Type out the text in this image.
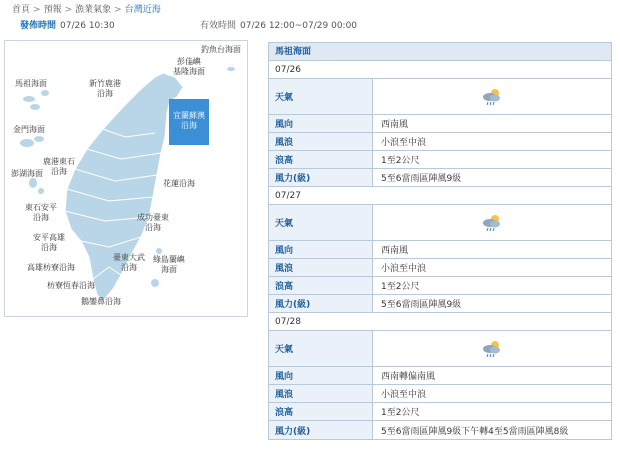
首頁 > 預報 > 漁業氣象 > 台灣近海
發佈時間 07/26 10:30	有效時間 07/26 12:00~07/29 00:00
釣魚台海面
彭佳嶼
基隆海面
馬祖海面	新竹鹿港
沿海
宜蘭蘇澳
沿海
金門海面
鹿港東石
沿海
澎湖海面
花蓮沿海
東石安平
沿海	成功臺東
沿海
安平高雄
沿海
臺東大武
沿海
綠島蘭嶼
海面
高雄枋寮沿海
枋寮恆春沿海
鵝鑾鼻沿海
馬祖海面
07/26
天氣
風向	西南風
風浪	小浪至中浪
浪高	1至2公尺
風力(級)	5至6當雨區陣風9級
07/27
天氣
風向	西南風
風浪	小浪至中浪
浪高	1至2公尺
風力(級)	5至6當雨區陣風9級
07/28
天氣
風向	西南轉偏南風
風浪	小浪至中浪
浪高	1至2公尺
風力(級)	5至6當雨區陣風9級下午轉4至5當雨區陣風8級
